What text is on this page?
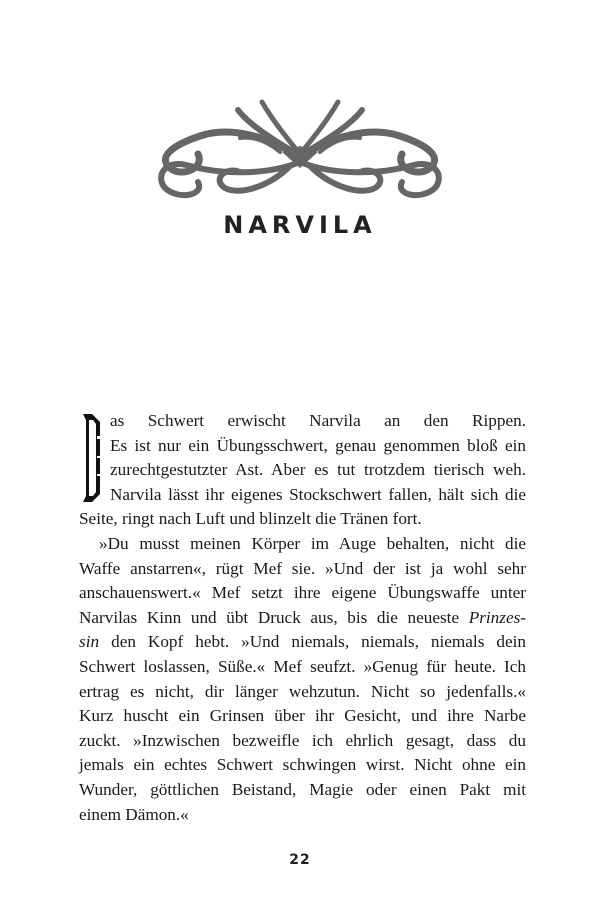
NARVILA
as Schwert erwischt Narvila an den Rippen.
Es ist nur ein Übungsschwert, genau genommen bloß ein
zurechtgestutzter Ast. Aber es tut trotzdem tierisch weh.
Narvila lässt ihr eigenes Stockschwert fallen, hält sich die
Seite, ringt nach Luft und blinzelt die Tränen fort.
»Du musst meinen Körper im Auge behalten, nicht die
Waffe anstarren«, rügt Mef sie. »Und der ist ja wohl sehr
anschauenswert.« Mef setzt ihre eigene Übungswaffe unter
Narvilas Kinn und übt Druck aus, bis die neueste Prinzes-
sin den Kopf hebt. »Und niemals, niemals, niemals dein
Schwert loslassen, Süße.« Mef seufzt. »Genug für heute. Ich
ertrag es nicht, dir länger wehzutun. Nicht so jedenfalls.«
Kurz huscht ein Grinsen über ihr Gesicht, und ihre Narbe
zuckt. »Inzwischen bezweifle ich ehrlich gesagt, dass du
jemals ein echtes Schwert schwingen wirst. Nicht ohne ein
Wunder, göttlichen Beistand, Magie oder einen Pakt mit
einem Dämon.«
22
